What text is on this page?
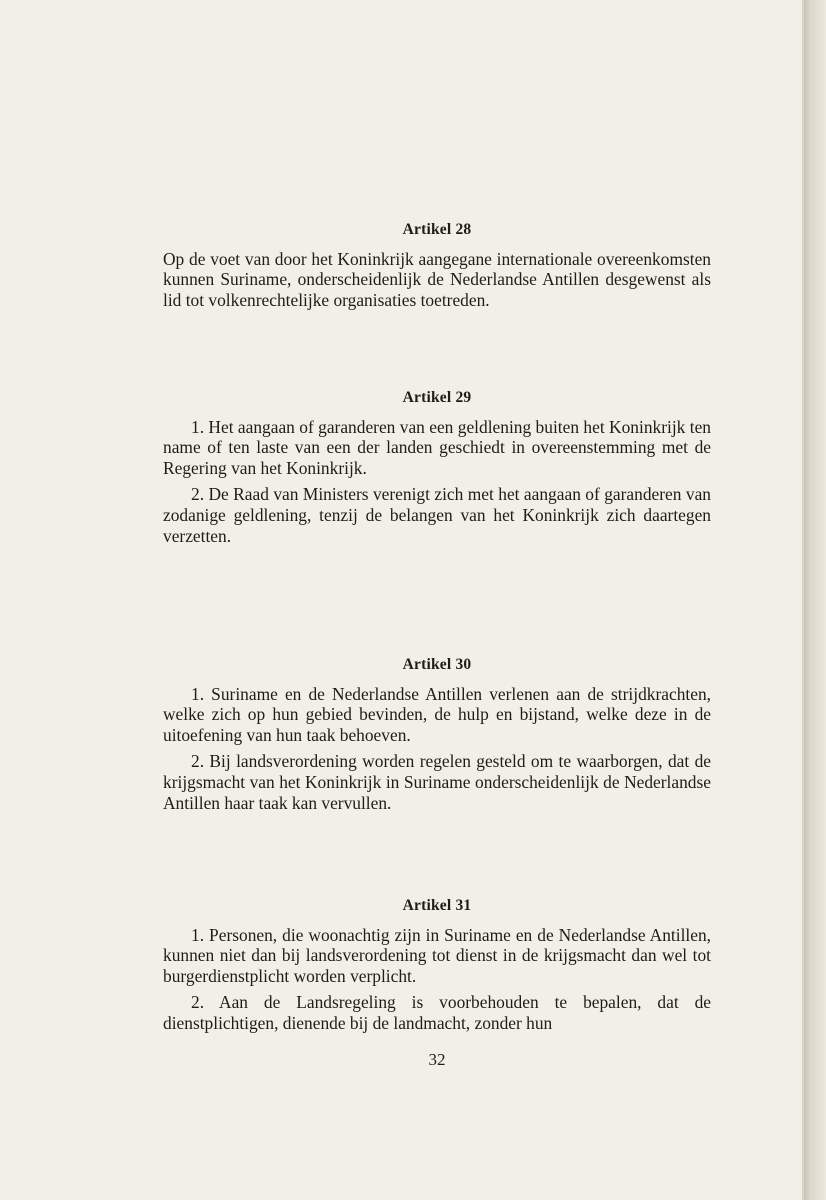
Artikel 28

Op de voet van door het Koninkrijk aangegane internationale overeenkomsten kunnen Suriname, onderscheidenlijk de Nederlandse Antillen desgewenst als lid tot volkenrechtelijke organisaties toetreden.

Artikel 29

1. Het aangaan of garanderen van een geldlening buiten het Koninkrijk ten name of ten laste van een der landen geschiedt in overeenstemming met de Regering van het Koninkrijk.

2. De Raad van Ministers verenigt zich met het aangaan of garanderen van zodanige geldlening, tenzij de belangen van het Koninkrijk zich daartegen verzetten.

Artikel 30

1. Suriname en de Nederlandse Antillen verlenen aan de strijdkrachten, welke zich op hun gebied bevinden, de hulp en bijstand, welke deze in de uitoefening van hun taak behoeven.

2. Bij landsverordening worden regelen gesteld om te waarborgen, dat de krijgsmacht van het Koninkrijk in Suriname onderscheidenlijk de Nederlandse Antillen haar taak kan vervullen.

Artikel 31

1. Personen, die woonachtig zijn in Suriname en de Nederlandse Antillen, kunnen niet dan bij landsverordening tot dienst in de krijgsmacht dan wel tot burgerdienstplicht worden verplicht.

2. Aan de Landsregeling is voorbehouden te bepalen, dat de dienstplichtigen, dienende bij de landmacht, zonder hun

32
